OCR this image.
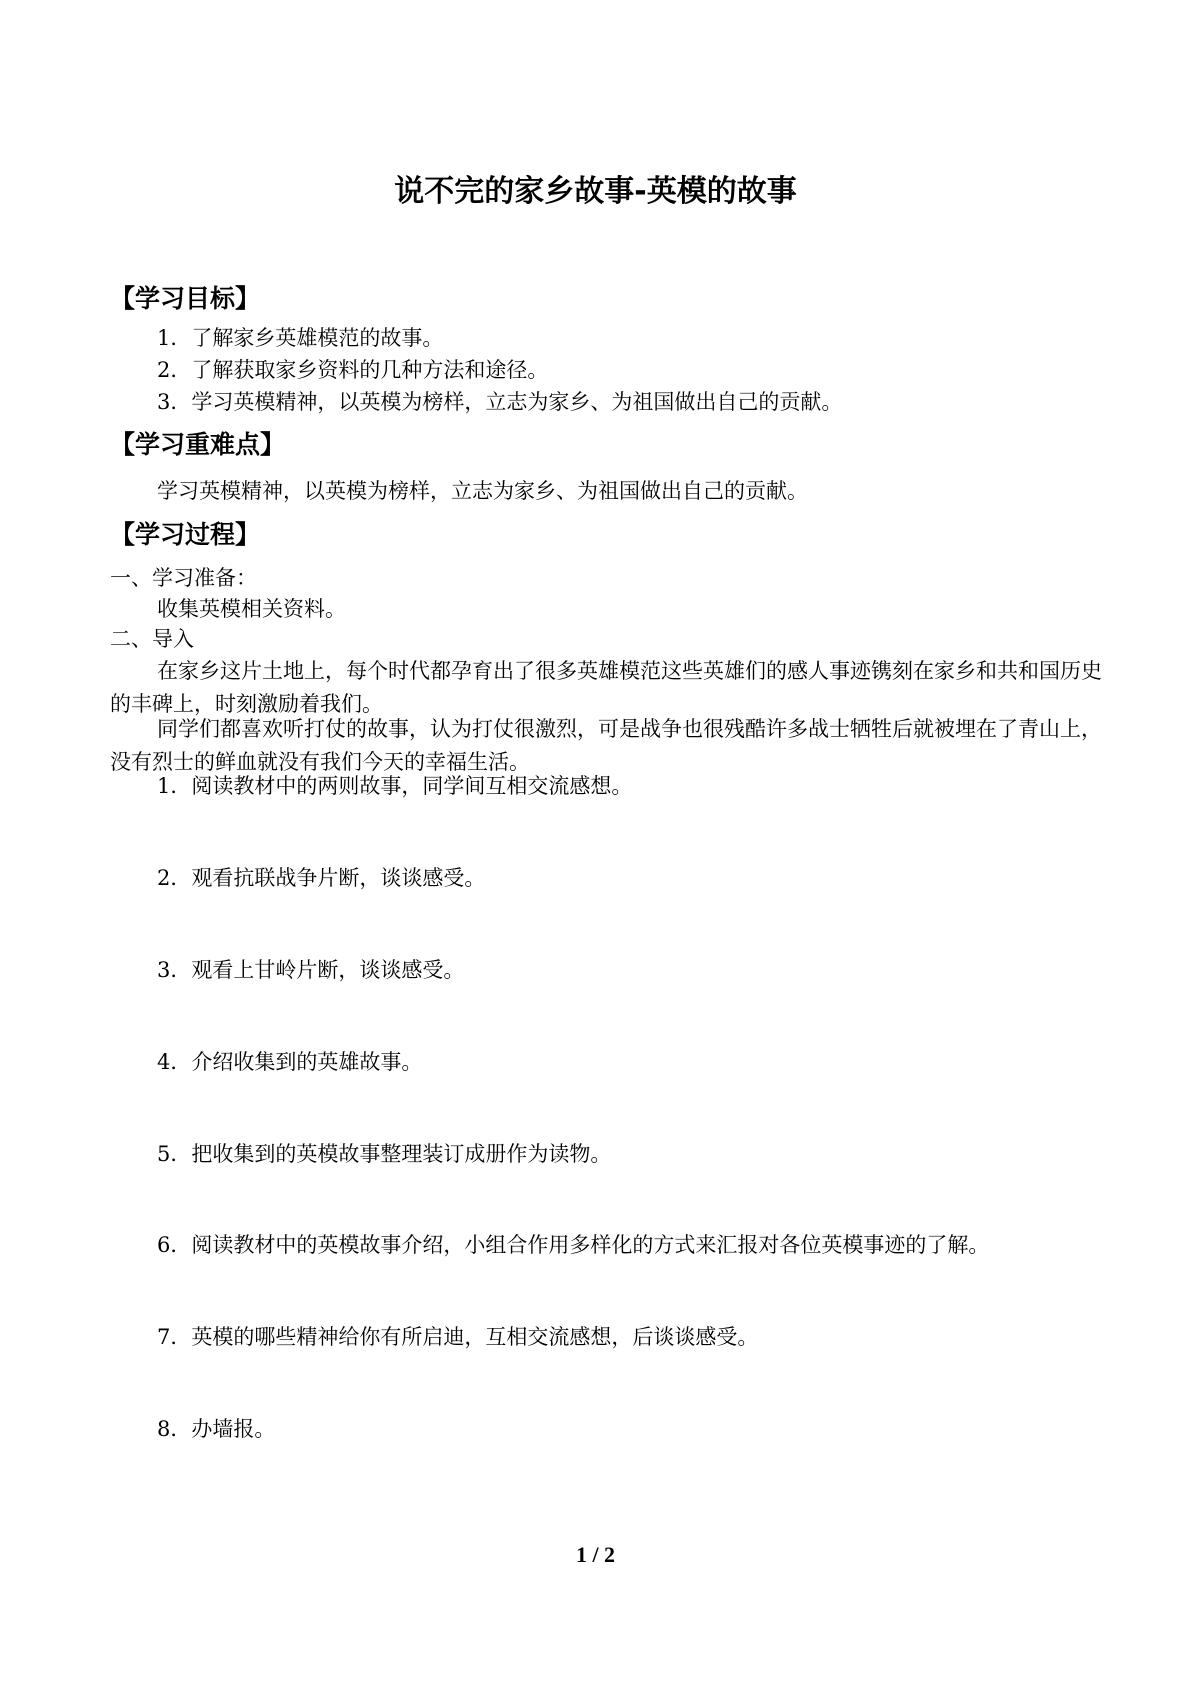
说不完的家乡故事-英模的故事
【学习目标】

1．了解家乡英雄模范的故事。

2．了解获取家乡资料的几种方法和途径。

3．学习英模精神，以英模为榜样，立志为家乡、为祖国做出自己的贡献。

【学习重难点】

学习英模精神，以英模为榜样，立志为家乡、为祖国做出自己的贡献。

【学习过程】

一、学习准备：

收集英模相关资料。

二、导入

在家乡这片土地上，每个时代都孕育出了很多英雄模范这些英雄们的感人事迹镌刻在家乡和共和国历史的丰碑上，时刻激励着我们。

同学们都喜欢听打仗的故事，认为打仗很激烈，可是战争也很残酷许多战士牺牲后就被埋在了青山上，没有烈士的鲜血就没有我们今天的幸福生活。

1．阅读教材中的两则故事，同学间互相交流感想。

2．观看抗联战争片断，谈谈感受。

3．观看上甘岭片断，谈谈感受。

4．介绍收集到的英雄故事。

5．把收集到的英模故事整理装订成册作为读物。

6．阅读教材中的英模故事介绍，小组合作用多样化的方式来汇报对各位英模事迹的了解。

7．英模的哪些精神给你有所启迪，互相交流感想，后谈谈感受。

8．办墙报。

1 / 2
